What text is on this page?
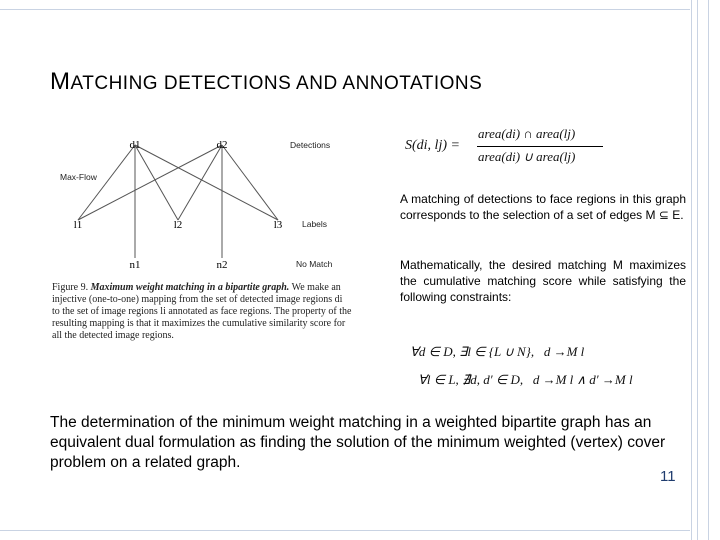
MATCHING DETECTIONS AND ANNOTATIONS
d1	d2
l1	l2	l3
n1	n2
Detections
Max-Flow
Labels
No Match
Figure 9. Maximum weight matching in a bipartite graph. We make an injective (one-to-one) mapping from the set of detected image regions di to the set of image regions li annotated as face regions. The property of the resulting mapping is that it maximizes the cumulative similarity score for all the detected image regions.
S(di, lj) =
area(di) ∩ area(lj)
area(di) ∪ area(lj)
A matching of detections to face regions in this graph corresponds to the selection of a set of edges M ⊆ E.
Mathematically, the desired matching M maximizes the cumulative matching score while satisfying the following constraints:
∀d ∈ D, ∃l ∈ {L ∪ N},   d →M l
∀l ∈ L, ∄d, d′ ∈ D,   d →M l ∧ d′ →M l
The determination of the minimum weight matching in a weighted bipartite graph has an equivalent dual formulation as finding the solution of the minimum weighted (vertex) cover problem on a related graph.
11
